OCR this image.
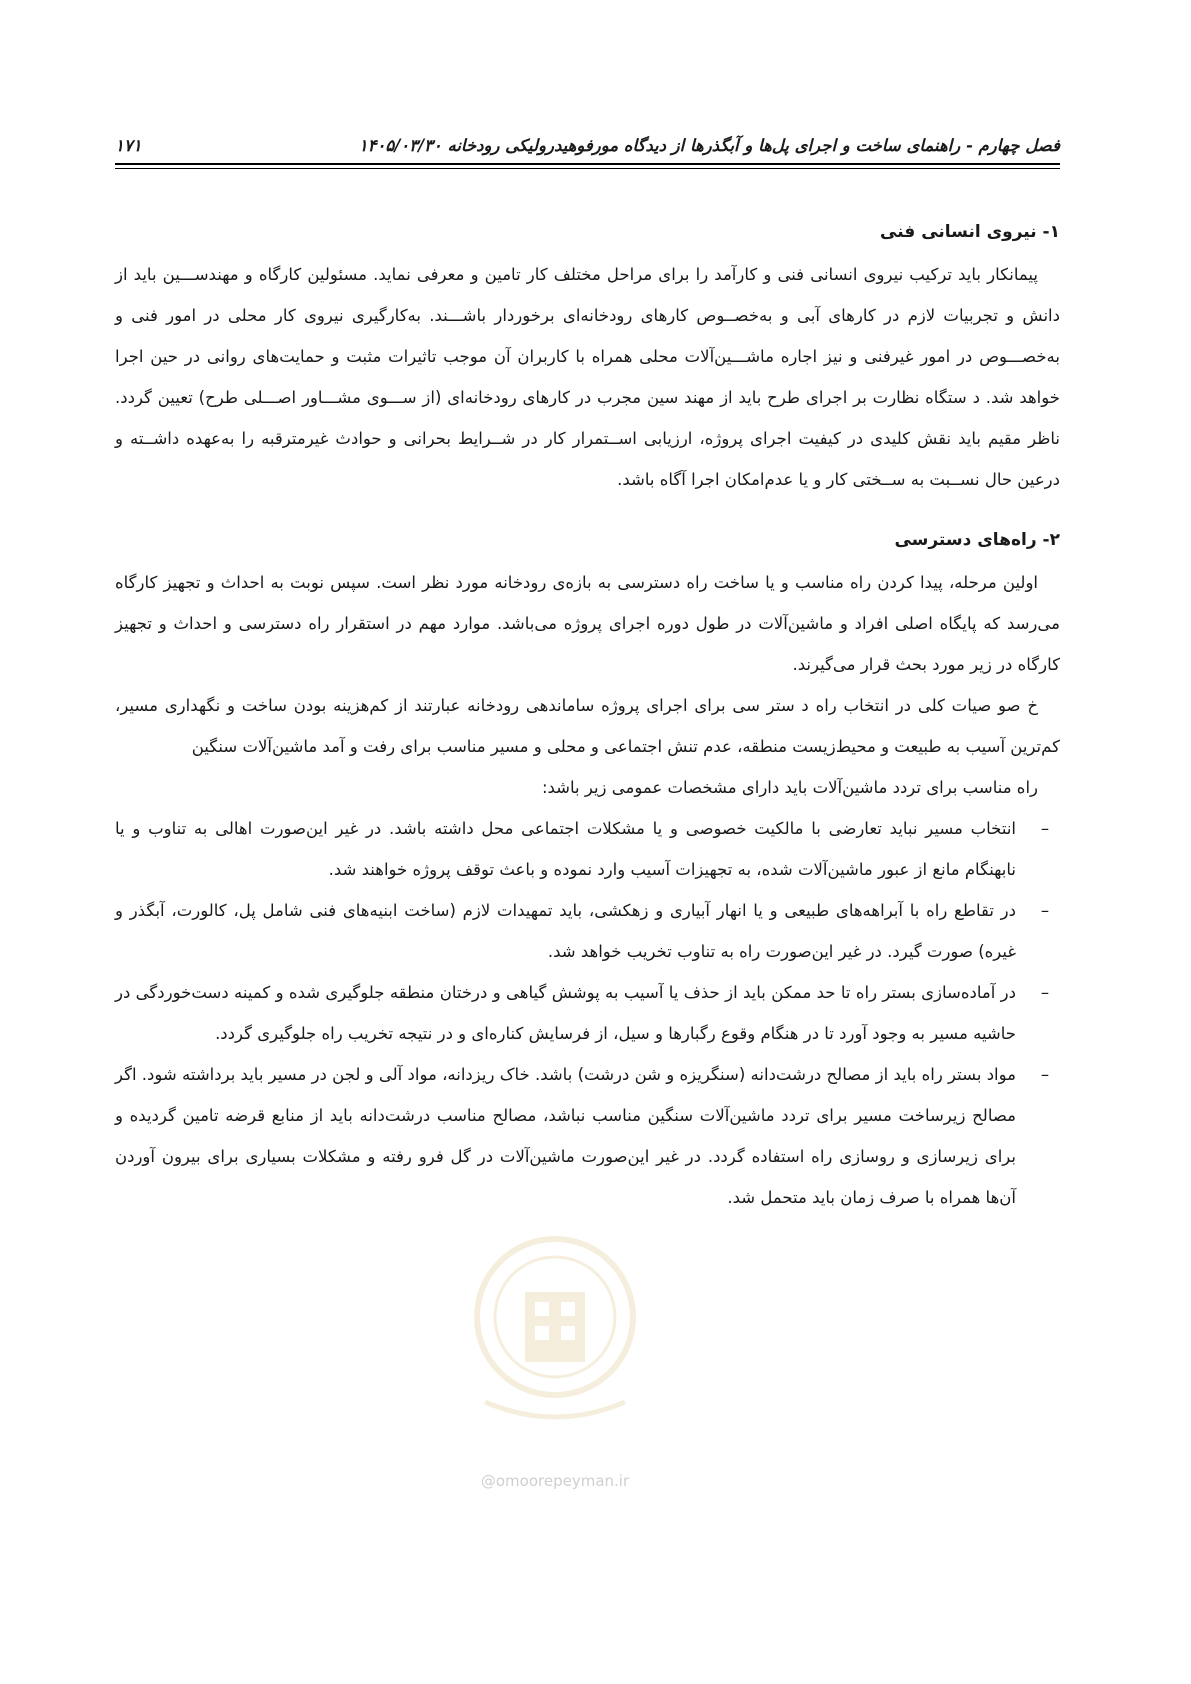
فصل چهارم - راهنمای ساخت و اجرای پل‌ها و آبگذرها از دیدگاه مورفوهیدرولیکی رودخانه ۱۴۰۵/۰۳/۳۰
۱۷۱
۱- نیروی انسانی فنی

پیمانکار باید ترکیب نیروی انسانی فنی و کارآمد را برای مراحل مختلف کار تامین و معرفی نماید. مسئولین کارگاه و مهندســـین باید از دانش و تجربیات لازم در کارهای آبی و به‌خصــوص کارهای رودخانه‌ای برخوردار باشـــند. به‌کارگیری نیروی کار محلی در امور فنی و به‌خصـــوص در امور غیرفنی و نیز اجاره ماشـــین‌آلات محلی همراه با کاربران آن موجب تاثیرات مثبت و حمایت‌های روانی در حین اجرا خواهد شد. د ستگاه نظارت بر اجرای طرح باید از مهند سین مجرب در کارهای رودخانه‌ای (از ســـوی مشـــاور اصـــلی طرح) تعیین گردد. ناظر مقیم باید نقش کلیدی در کیفیت اجرای پروژه، ارزیابی اســتمرار کار در شــرایط بحرانی و حوادث غیرمترقبه را به‌عهده داشــته و درعین حال نســبت به ســختی کار و یا عدم‌امکان اجرا آگاه باشد.

۲- راه‌های دسترسی

اولین مرحله، پیدا کردن راه مناسب و یا ساخت راه دسترسی به بازه‌ی رودخانه مورد نظر است. سپس نوبت به احداث و تجهیز کارگاه می‌رسد که پایگاه اصلی افراد و ماشین‌آلات در طول دوره اجرای پروژه می‌باشد. موارد مهم در استقرار راه دسترسی و احداث و تجهیز کارگاه در زیر مورد بحث قرار می‌گیرند.

خ صو صیات کلی در انتخاب راه د ستر سی برای اجرای پروژه ساماندهی رودخانه عبارتند از کم‌هزینه بودن ساخت و نگهداری مسیر، کم‌ترین آسیب به طبیعت و محیط‌زیست منطقه، عدم تنش اجتماعی و محلی و مسیر مناسب برای رفت و آمد ماشین‌آلات سنگین

راه مناسب برای تردد ماشین‌آلات باید دارای مشخصات عمومی زیر باشد:

–
انتخاب مسیر نباید تعارضی با مالکیت خصوصی و یا مشکلات اجتماعی محل داشته باشد. در غیر این‌صورت اهالی به تناوب و یا نابهنگام مانع از عبور ماشین‌آلات شده، به تجهیزات آسیب وارد نموده و باعث توقف پروژه خواهند شد.
–
در تقاطع راه با آبراهه‌های طبیعی و یا انهار آبیاری و زهکشی، باید تمهیدات لازم (ساخت ابنیه‌های فنی شامل پل، کالورت، آبگذر و غیره) صورت گیرد. در غیر این‌صورت راه به تناوب تخریب خواهد شد.
–
در آماده‌سازی بستر راه تا حد ممکن باید از حذف یا آسیب به پوشش گیاهی و درختان منطقه جلوگیری شده و کمینه دست‌خوردگی در حاشیه مسیر به وجود آورد تا در هنگام وقوع رگبارها و سیل، از فرسایش کناره‌ای و در نتیجه تخریب راه جلوگیری گردد.
–
مواد بستر راه باید از مصالح درشت‌دانه (سنگریزه و شن درشت) باشد. خاک ریزدانه، مواد آلی و لجن در مسیر باید برداشته شود. اگر مصالح زیرساخت مسیر برای تردد ماشین‌آلات سنگین مناسب نباشد، مصالح مناسب درشت‌دانه باید از منابع قرضه تامین گردیده و برای زیرسازی و روسازی راه استفاده گردد. در غیر این‌صورت ماشین‌آلات در گل فرو رفته و مشکلات بسیاری برای بیرون آوردن آن‌ها همراه با صرف زمان باید متحمل شد.
@omoorepeyman.ir
